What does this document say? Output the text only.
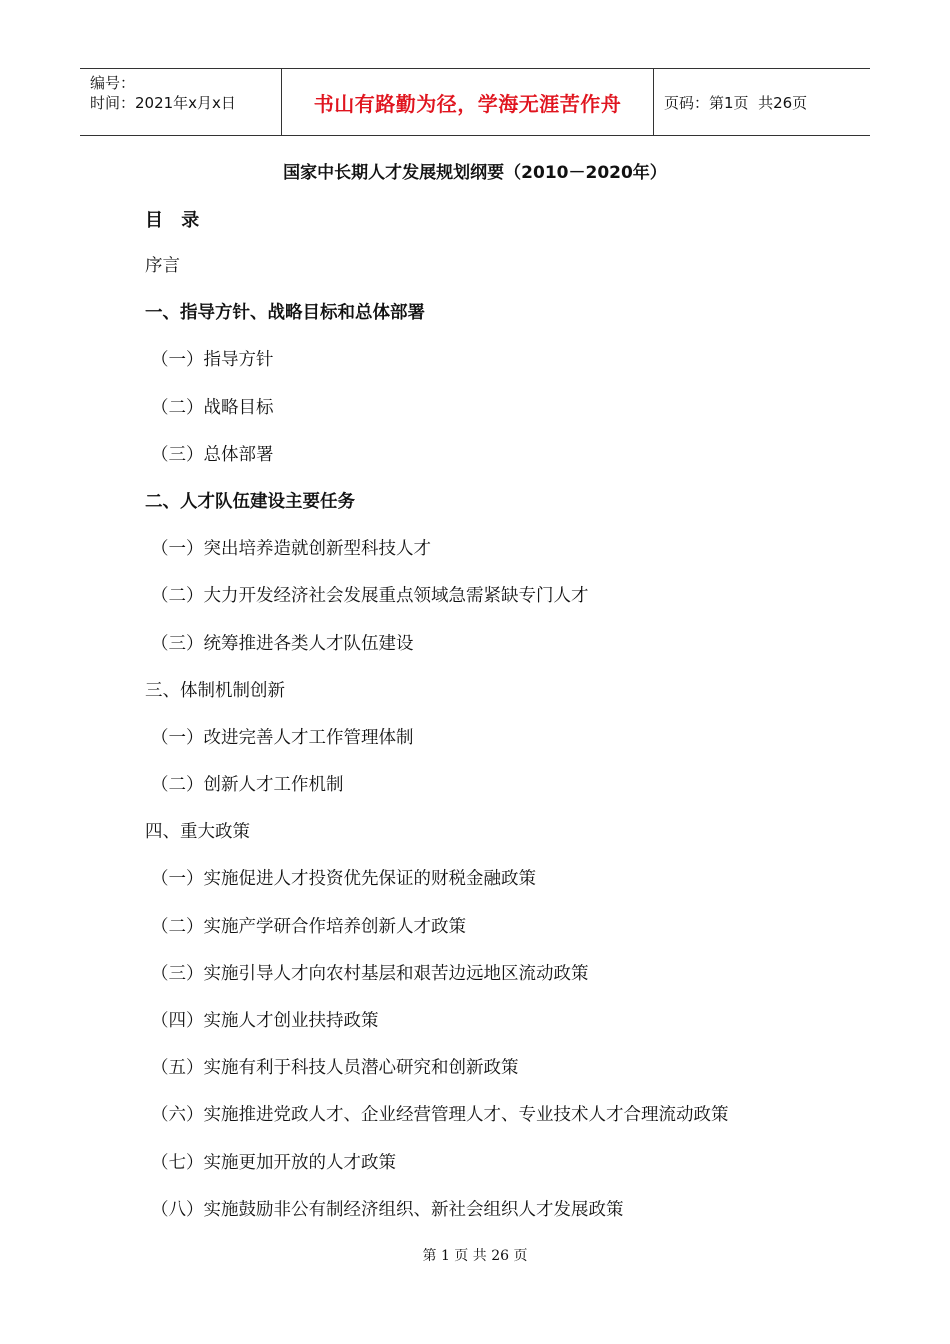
编号：
时间：2021年x月x日	书山有路勤为径，学海无涯苦作舟	页码：第1页  共26页
国家中长期人才发展规划纲要（2010－2020年）
目 录
序言
一、指导方针、战略目标和总体部署
（一）指导方针
（二）战略目标
（三）总体部署
二、人才队伍建设主要任务
（一）突出培养造就创新型科技人才
（二）大力开发经济社会发展重点领域急需紧缺专门人才
（三）统筹推进各类人才队伍建设
三、体制机制创新
（一）改进完善人才工作管理体制
（二）创新人才工作机制
四、重大政策
（一）实施促进人才投资优先保证的财税金融政策
（二）实施产学研合作培养创新人才政策
（三）实施引导人才向农村基层和艰苦边远地区流动政策
（四）实施人才创业扶持政策
（五）实施有利于科技人员潜心研究和创新政策
（六）实施推进党政人才、企业经营管理人才、专业技术人才合理流动政策
（七）实施更加开放的人才政策
（八）实施鼓励非公有制经济组织、新社会组织人才发展政策
第 1 页 共 26 页
